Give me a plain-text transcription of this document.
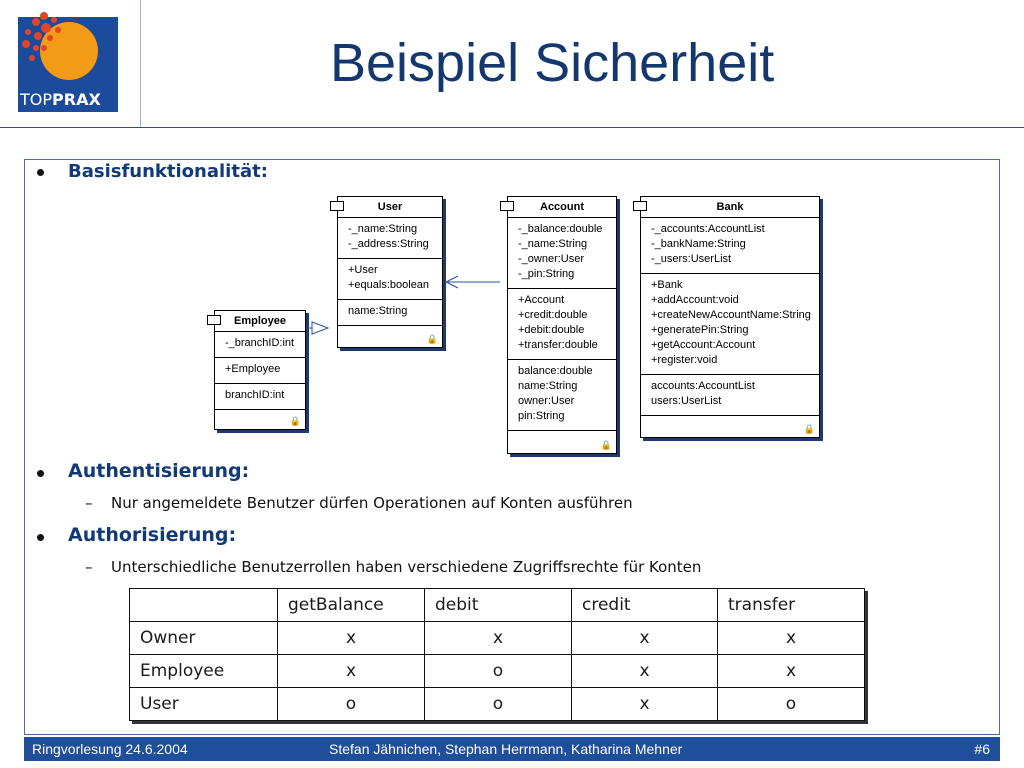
TOPPRAX
Beispiel Sicherheit
Basisfunktionalität:
User
-_name:String
-_address:String
+User
+equals:boolean
name:String
🔒
Employee
-_branchID:int
+Employee
branchID:int
🔒
Account
-_balance:double
-_name:String
-_owner:User
-_pin:String
+Account
+credit:double
+debit:double
+transfer:double
balance:double
name:String
owner:User
pin:String
🔒
Bank
-_accounts:AccountList
-_bankName:String
-_users:UserList
+Bank
+addAccount:void
+createNewAccountName:String
+generatePin:String
+getAccount:Account
+register:void
accounts:AccountList
users:UserList
🔒
Authentisierung:
– Nur angemeldete Benutzer dürfen Operationen auf Konten ausführen
Authorisierung:
– Unterschiedliche Benutzerrollen haben verschiedene Zugriffsrechte für Konten
	getBalance	debit	credit	transfer
Owner	x	x	x	x
Employee	x	o	x	x
User	o	o	x	o
Ringvorlesung 24.6.2004	Stefan Jähnichen, Stephan Herrmann, Katharina Mehner	#6
